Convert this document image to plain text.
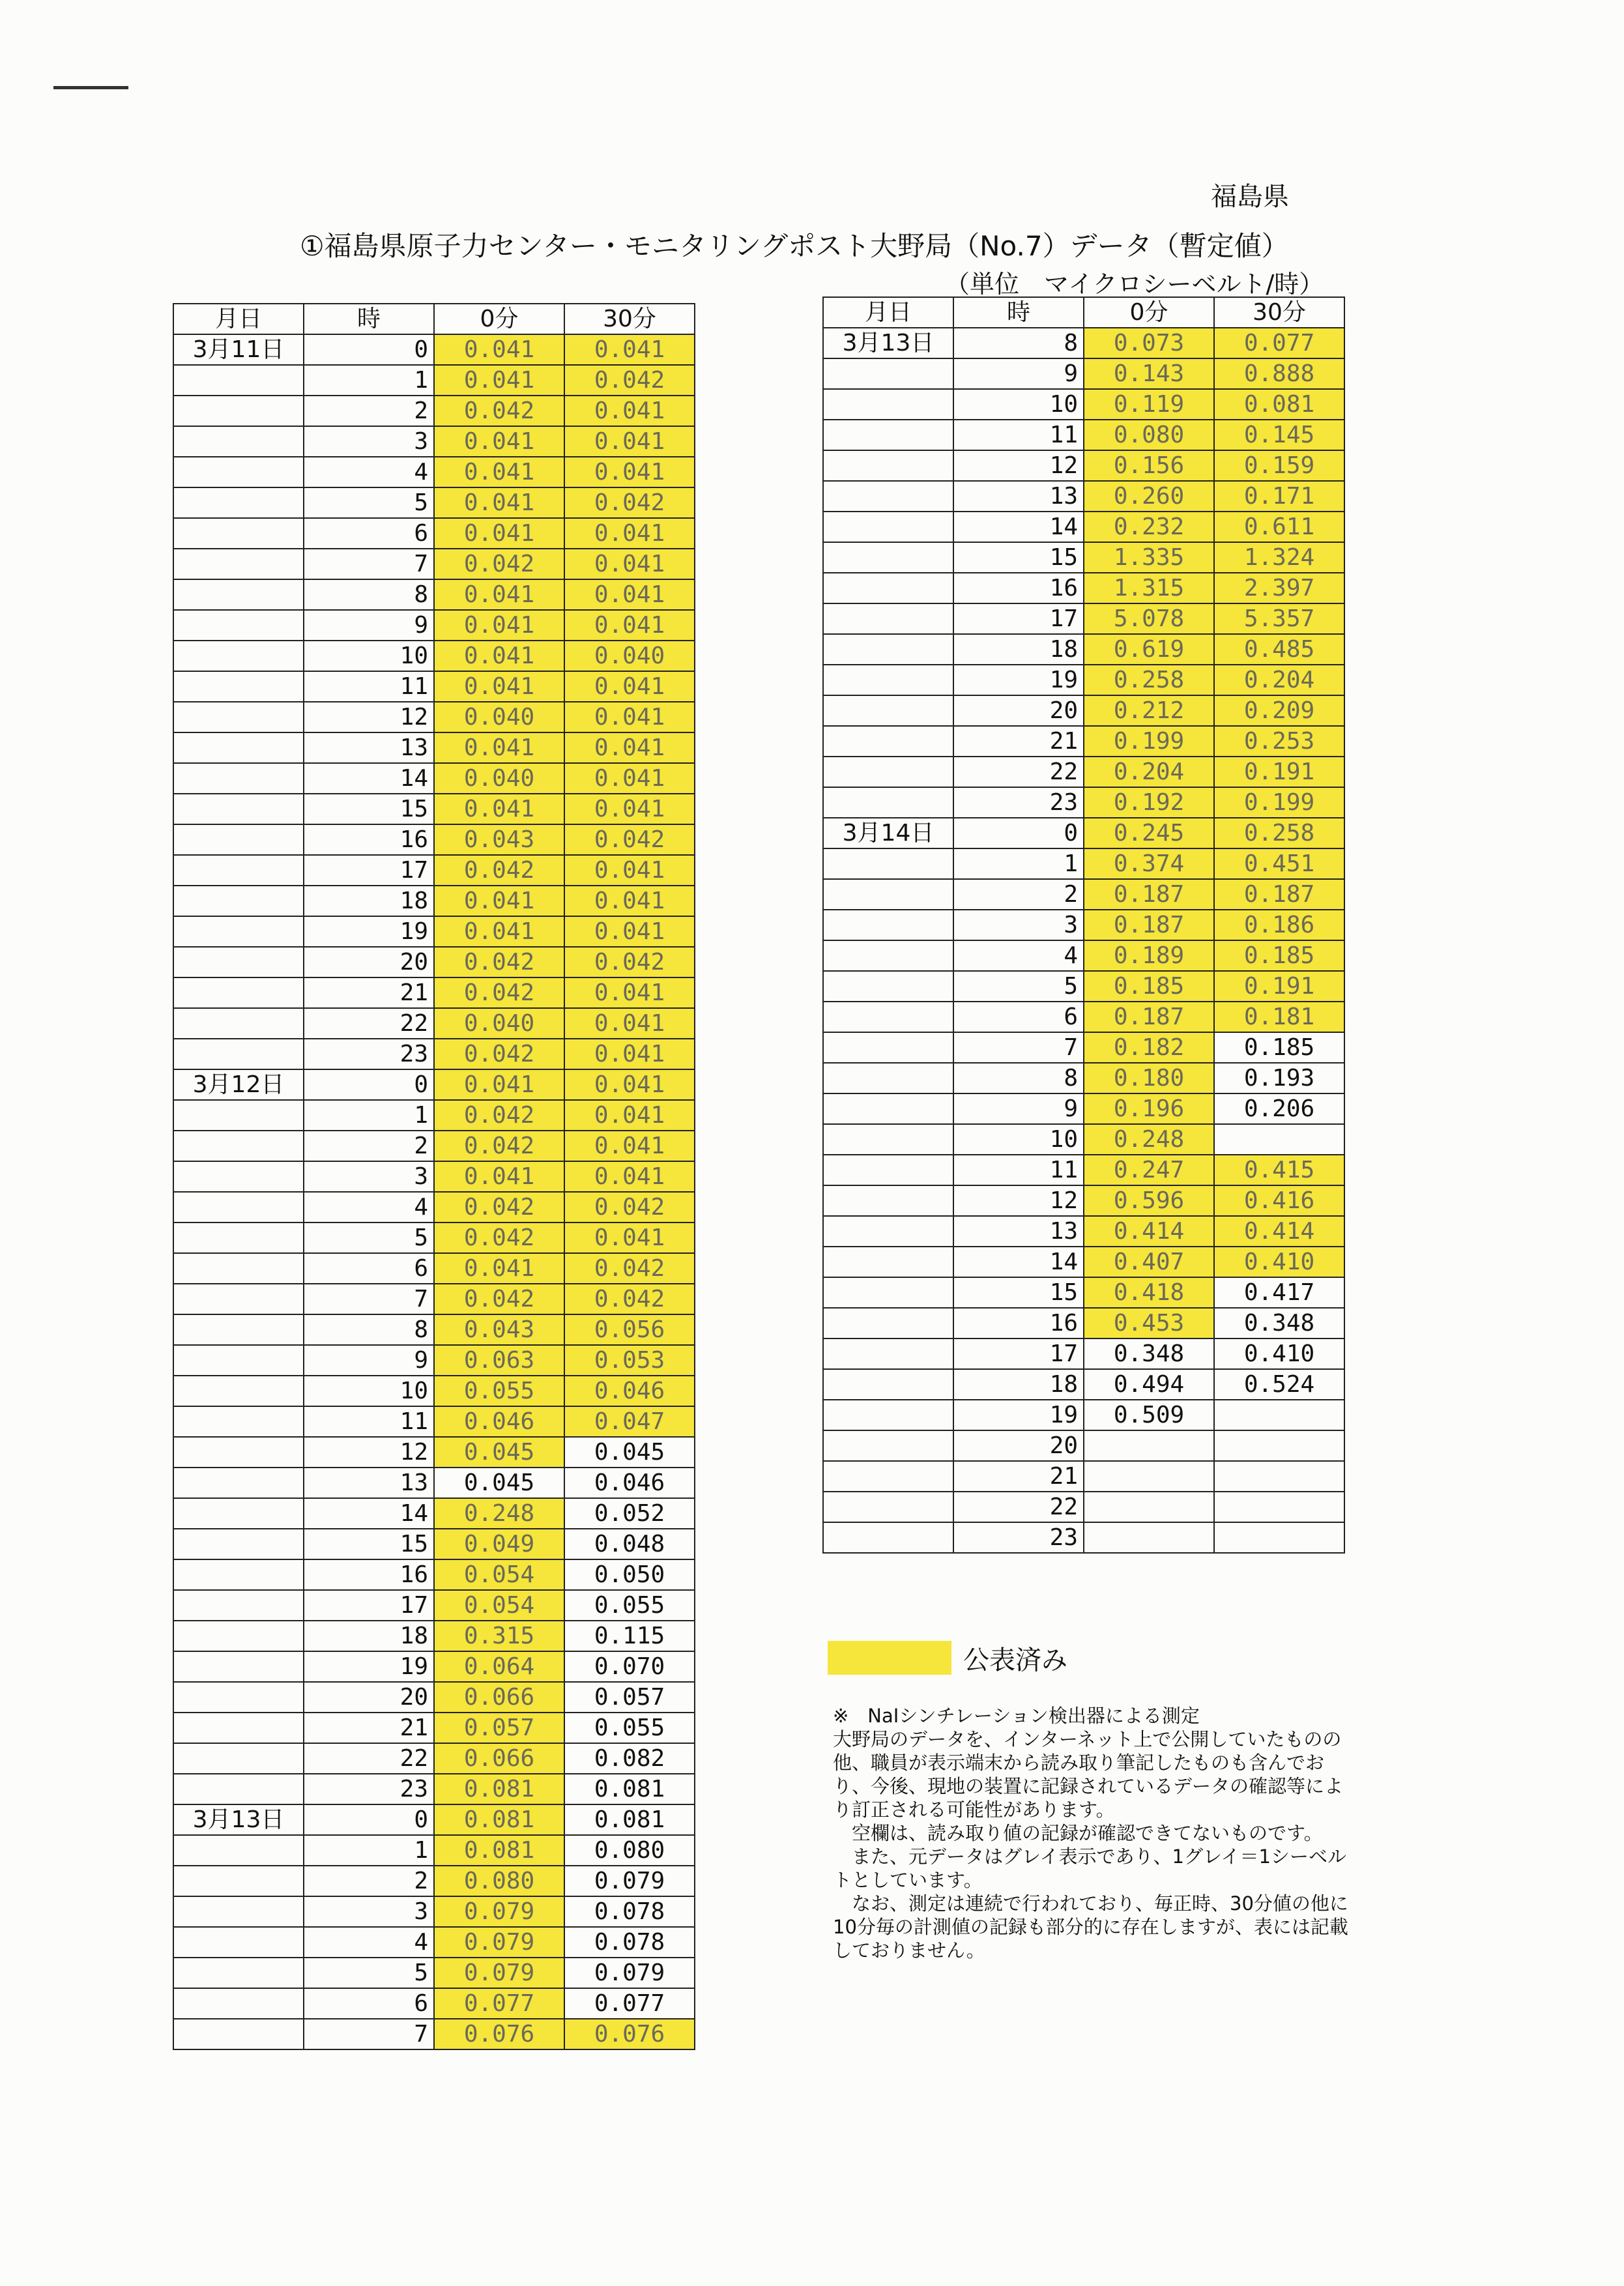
福島県
①福島県原子力センター・モニタリングポスト大野局（No.7）データ（暫定値）
（単位　マイクロシーベルト/時）
月日	時	0分	30分
3月11日	0	0.041	0.041
	1	0.041	0.042
	2	0.042	0.041
	3	0.041	0.041
	4	0.041	0.041
	5	0.041	0.042
	6	0.041	0.041
	7	0.042	0.041
	8	0.041	0.041
	9	0.041	0.041
	10	0.041	0.040
	11	0.041	0.041
	12	0.040	0.041
	13	0.041	0.041
	14	0.040	0.041
	15	0.041	0.041
	16	0.043	0.042
	17	0.042	0.041
	18	0.041	0.041
	19	0.041	0.041
	20	0.042	0.042
	21	0.042	0.041
	22	0.040	0.041
	23	0.042	0.041
3月12日	0	0.041	0.041
	1	0.042	0.041
	2	0.042	0.041
	3	0.041	0.041
	4	0.042	0.042
	5	0.042	0.041
	6	0.041	0.042
	7	0.042	0.042
	8	0.043	0.056
	9	0.063	0.053
	10	0.055	0.046
	11	0.046	0.047
	12	0.045	0.045
	13	0.045	0.046
	14	0.248	0.052
	15	0.049	0.048
	16	0.054	0.050
	17	0.054	0.055
	18	0.315	0.115
	19	0.064	0.070
	20	0.066	0.057
	21	0.057	0.055
	22	0.066	0.082
	23	0.081	0.081
3月13日	0	0.081	0.081
	1	0.081	0.080
	2	0.080	0.079
	3	0.079	0.078
	4	0.079	0.078
	5	0.079	0.079
	6	0.077	0.077
	7	0.076	0.076
月日	時	0分	30分
3月13日	8	0.073	0.077
	9	0.143	0.888
	10	0.119	0.081
	11	0.080	0.145
	12	0.156	0.159
	13	0.260	0.171
	14	0.232	0.611
	15	1.335	1.324
	16	1.315	2.397
	17	5.078	5.357
	18	0.619	0.485
	19	0.258	0.204
	20	0.212	0.209
	21	0.199	0.253
	22	0.204	0.191
	23	0.192	0.199
3月14日	0	0.245	0.258
	1	0.374	0.451
	2	0.187	0.187
	3	0.187	0.186
	4	0.189	0.185
	5	0.185	0.191
	6	0.187	0.181
	7	0.182	0.185
	8	0.180	0.193
	9	0.196	0.206
	10	0.248	
	11	0.247	0.415
	12	0.596	0.416
	13	0.414	0.414
	14	0.407	0.410
	15	0.418	0.417
	16	0.453	0.348
	17	0.348	0.410
	18	0.494	0.524
	19	0.509	
	20		
	21		
	22		
	23		
公表済み

※　NaIシンチレーション検出器による測定

大野局のデータを、インターネット上で公開していたものの他、職員が表示端末から読み取り筆記したものも含んでおり、今後、現地の装置に記録されているデータの確認等により訂正される可能性があります。

　空欄は、読み取り値の記録が確認できてないものです。

　また、元データはグレイ表示であり、1グレイ＝1シーベルトとしています。

　なお、測定は連続で行われており、毎正時、30分値の他に10分毎の計測値の記録も部分的に存在しますが、表には記載しておりません。
